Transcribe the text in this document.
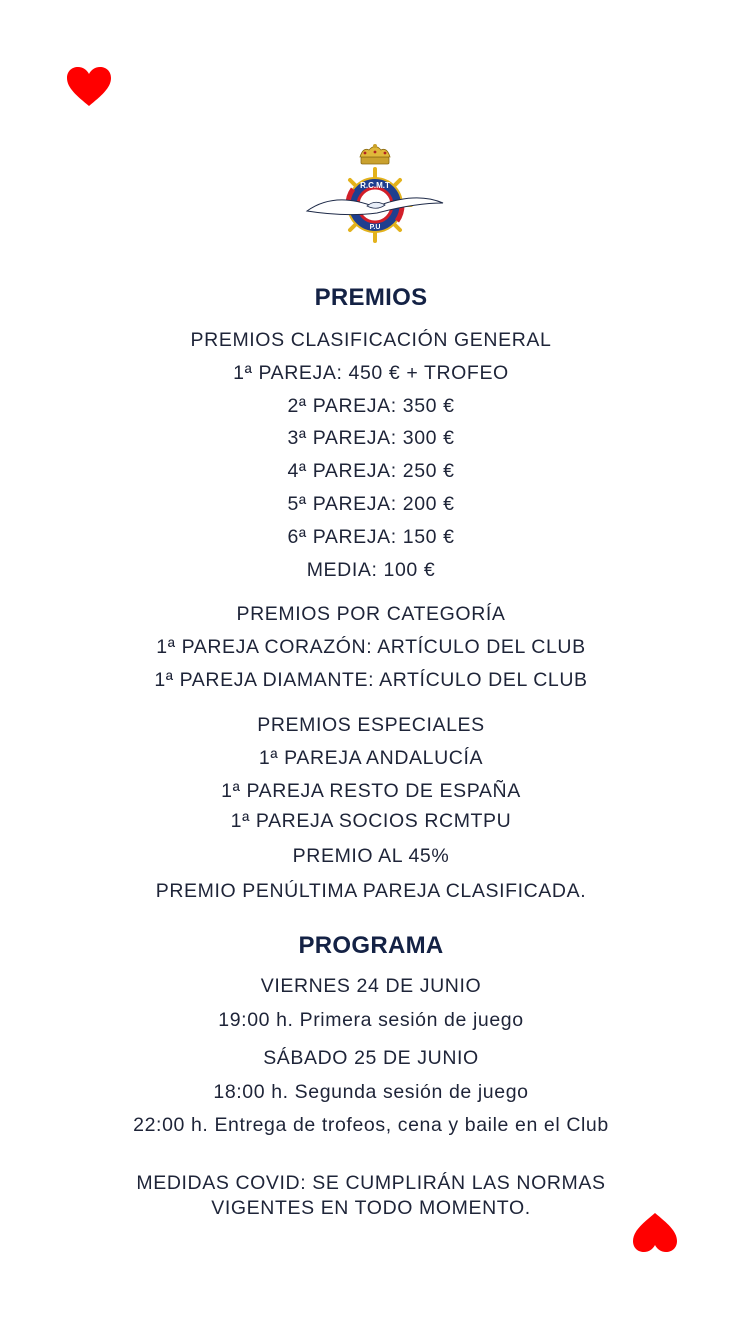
R.C.M.T
P.U
PREMIOS
PREMIOS CLASIFICACIÓN GENERAL
1ª PAREJA: 450 € + TROFEO
2ª PAREJA: 350 €
3ª PAREJA: 300 €
4ª PAREJA: 250 €
5ª PAREJA: 200 €
6ª PAREJA: 150 €
MEDIA: 100 €
PREMIOS POR CATEGORÍA
1ª PAREJA CORAZÓN: ARTÍCULO DEL CLUB
1ª PAREJA DIAMANTE: ARTÍCULO DEL CLUB
PREMIOS ESPECIALES
1ª PAREJA ANDALUCÍA
1ª PAREJA RESTO DE ESPAÑA
1ª PAREJA SOCIOS RCMTPU
PREMIO AL 45%
PREMIO PENÚLTIMA PAREJA CLASIFICADA.
PROGRAMA
VIERNES 24 DE JUNIO
19:00 h. Primera sesión de juego
SÁBADO 25 DE JUNIO
18:00 h. Segunda sesión de juego
22:00 h. Entrega de trofeos, cena y baile en el Club
MEDIDAS COVID: SE CUMPLIRÁN LAS NORMAS
VIGENTES EN TODO MOMENTO.
